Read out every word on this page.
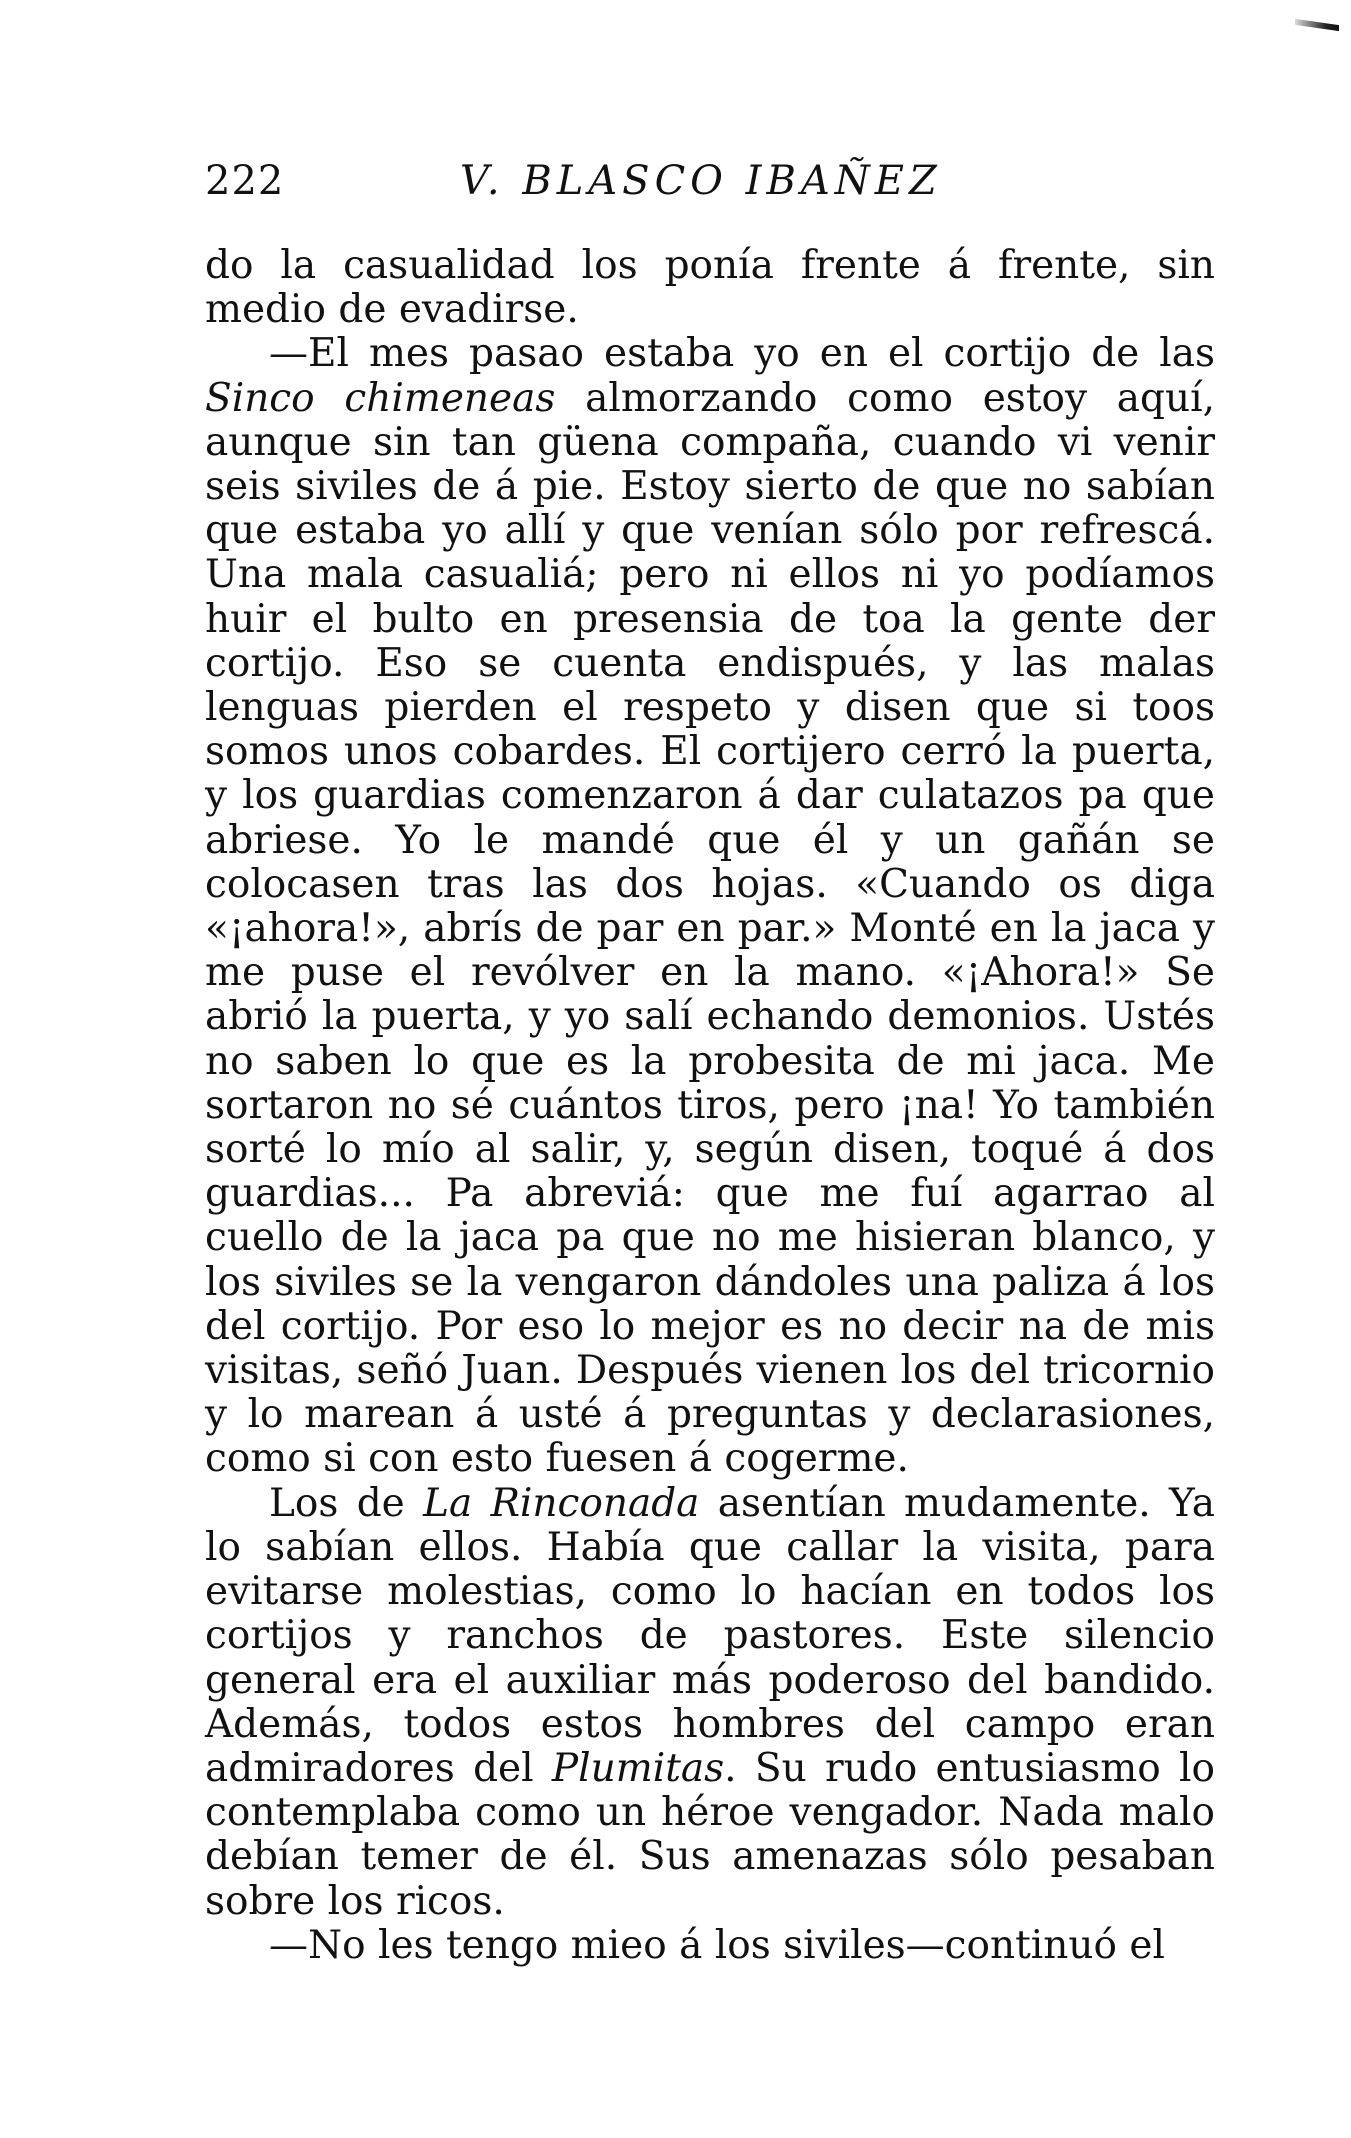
222	V. BLASCO IBAÑEZ

do la casualidad los ponía frente á frente, sin medio de evadirse.

—El mes pasao estaba yo en el cortijo de las Sinco chimeneas almorzando como estoy aquí, aunque sin tan güena compaña, cuando vi venir seis siviles de á pie. Estoy sierto de que no sabían que estaba yo allí y que venían sólo por refrescá. Una mala casualiá; pero ni ellos ni yo podíamos huir el bulto en presensia de toa la gente der cortijo. Eso se cuenta endispués, y las malas lenguas pierden el respeto y disen que si toos somos unos cobardes. El cortijero cerró la puerta, y los guardias comenzaron á dar culatazos pa que abriese. Yo le mandé que él y un gañán se colocasen tras las dos hojas. «Cuando os diga «¡ahora!», abrís de par en par.» Monté en la jaca y me puse el revólver en la mano. «¡Ahora!» Se abrió la puerta, y yo salí echando demonios. Ustés no saben lo que es la probesita de mi jaca. Me sortaron no sé cuántos tiros, pero ¡na! Yo también sorté lo mío al salir, y, según disen, toqué á dos guardias... Pa abreviá: que me fuí agarrao al cuello de la jaca pa que no me hisieran blanco, y los siviles se la vengaron dándoles una paliza á los del cortijo. Por eso lo mejor es no decir na de mis visitas, señó Juan. Después vienen los del tricornio y lo marean á usté á preguntas y declarasiones, como si con esto fuesen á cogerme.

Los de La Rinconada asentían mudamente. Ya lo sabían ellos. Había que callar la visita, para evitarse molestias, como lo hacían en todos los cortijos y ranchos de pastores. Este silencio general era el auxiliar más poderoso del bandido. Además, todos estos hombres del campo eran admiradores del Plumitas. Su rudo entusiasmo lo contemplaba como un héroe vengador. Nada malo debían temer de él. Sus amenazas sólo pesaban sobre los ricos.

—No les tengo mieo á los siviles—continuó el
